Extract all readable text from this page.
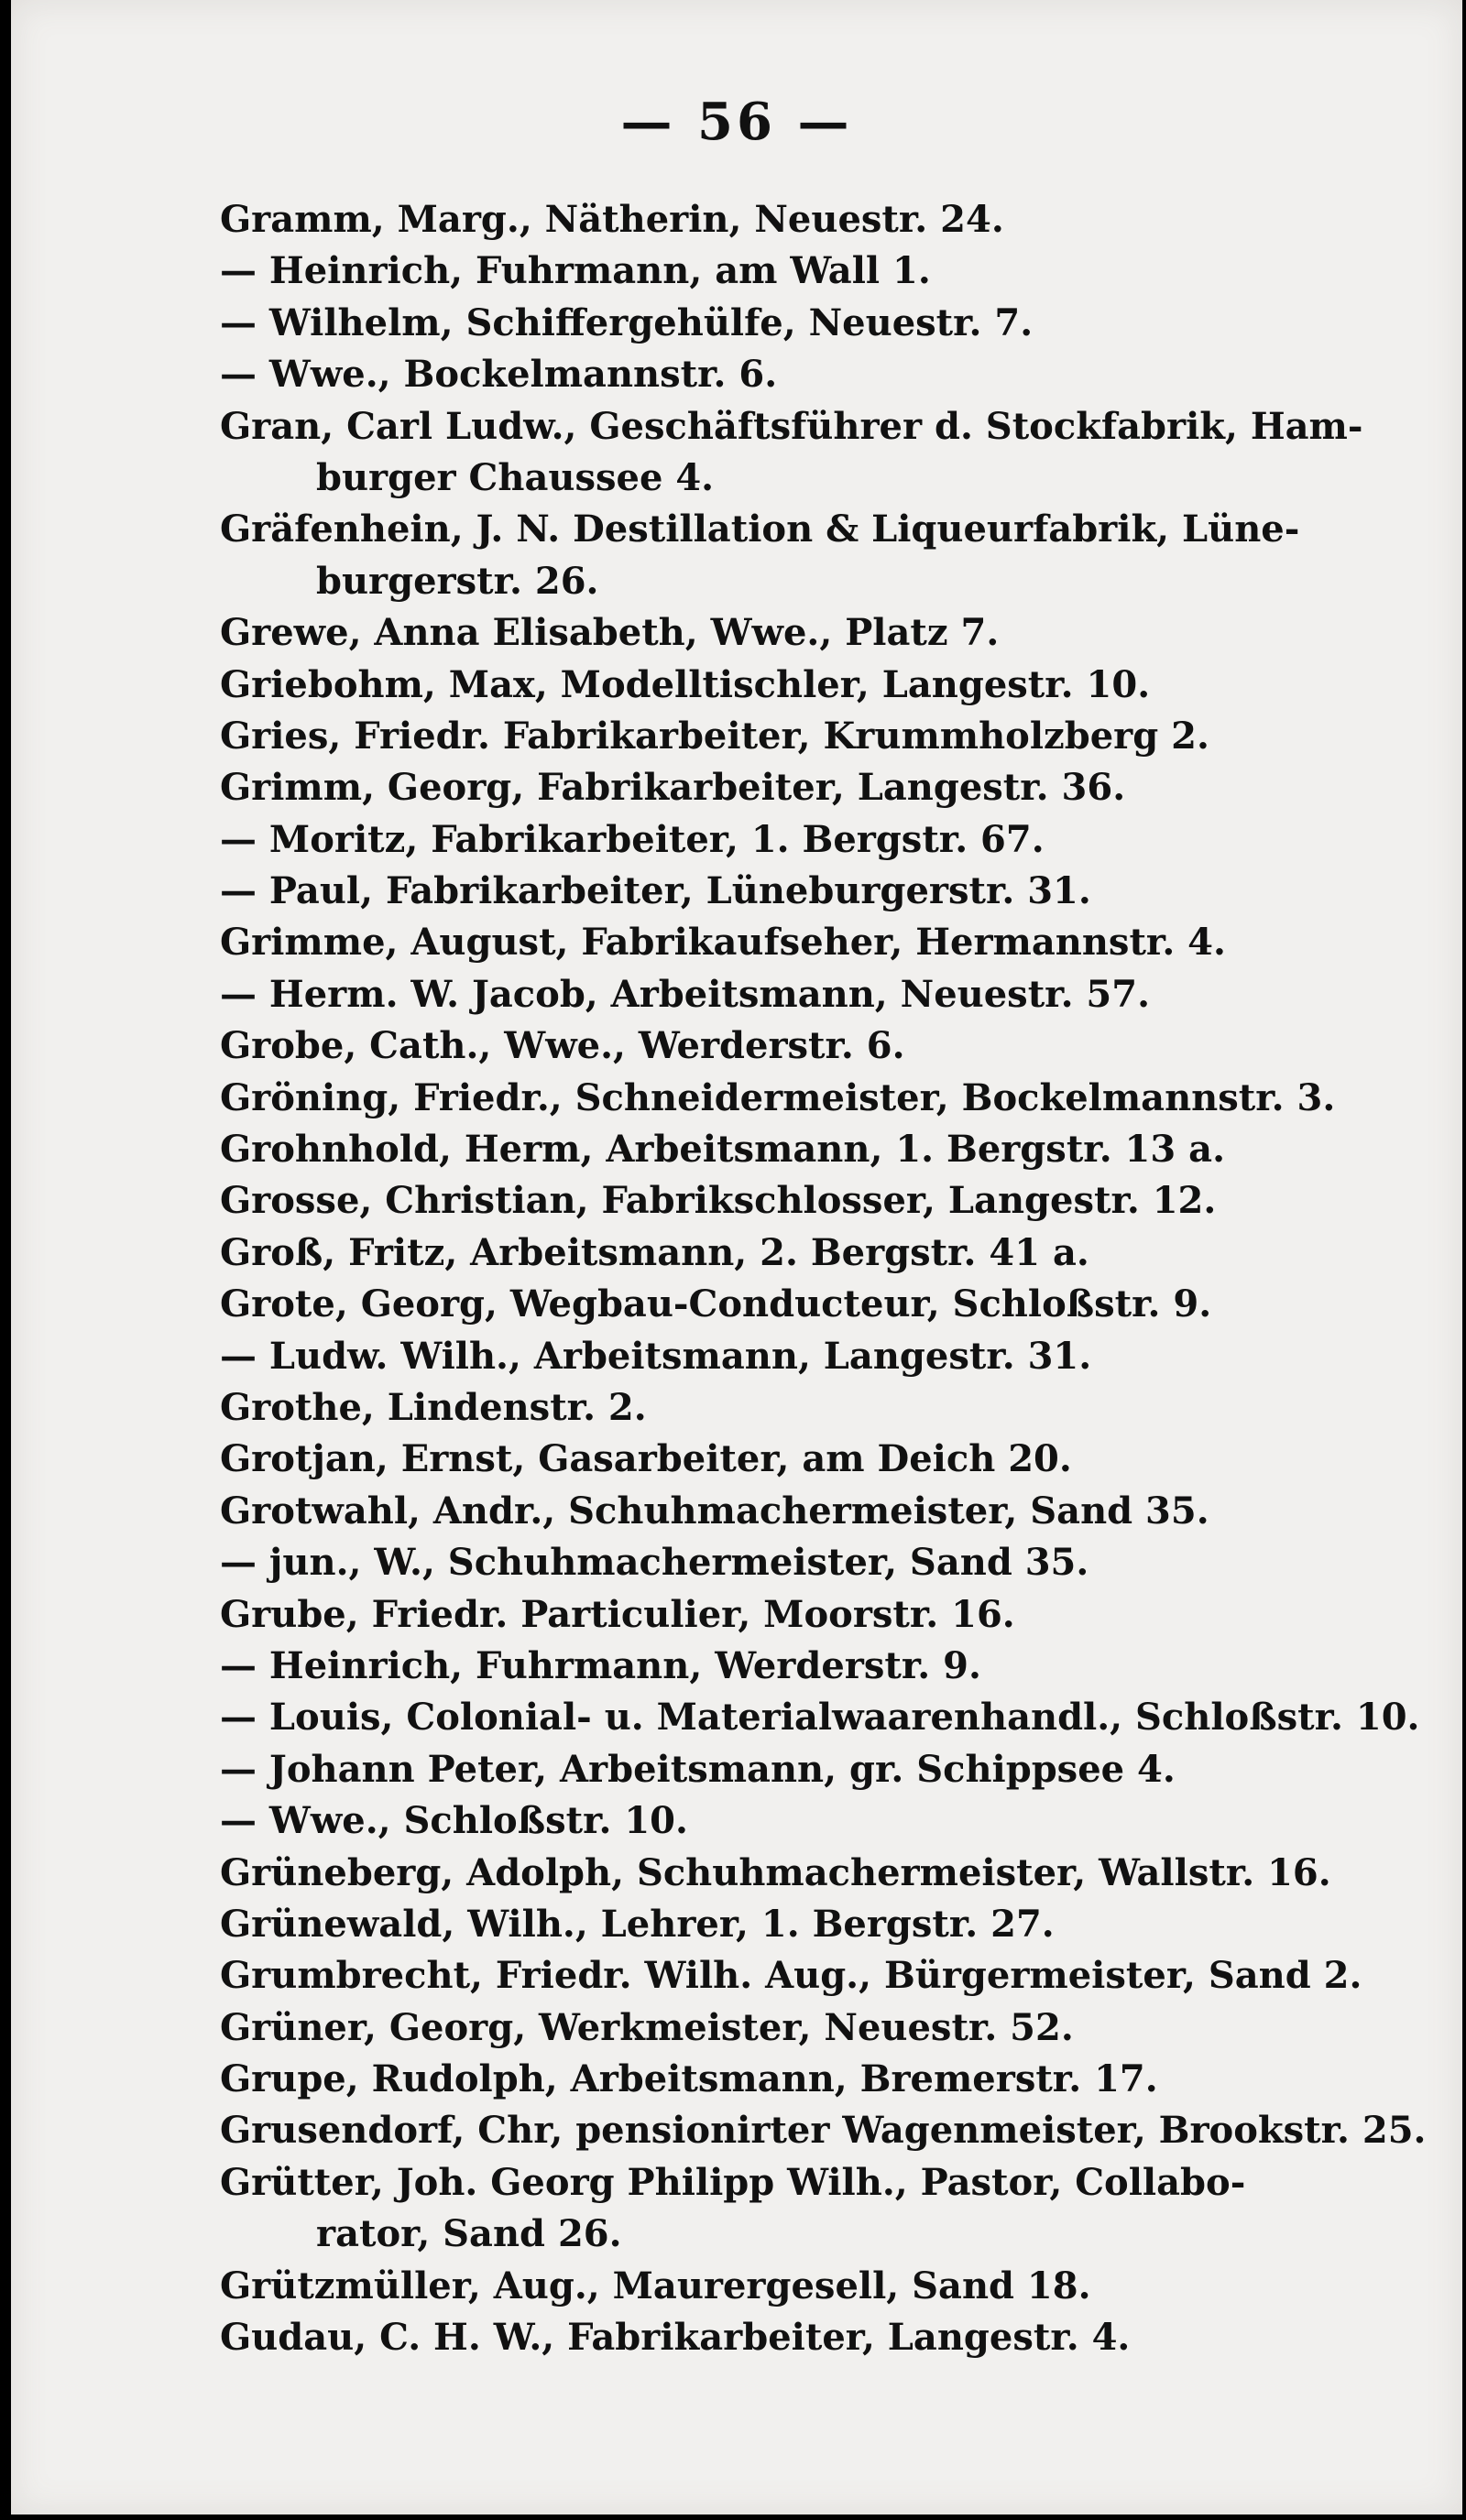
— 56 —
Gramm, Marg., Nätherin, Neuestr. 24.
— Heinrich, Fuhrmann, am Wall 1.
— Wilhelm, Schiffergehülfe, Neuestr. 7.
— Wwe., Bockelmannstr. 6.
Gran, Carl Ludw., Geschäftsführer d. Stockfabrik, Ham-
burger Chaussee 4.
Gräfenhein, J. N. Destillation & Liqueurfabrik, Lüne-
burgerstr. 26.
Grewe, Anna Elisabeth, Wwe., Platz 7.
Griebohm, Max, Modelltischler, Langestr. 10.
Gries, Friedr. Fabrikarbeiter, Krummholzberg 2.
Grimm, Georg, Fabrikarbeiter, Langestr. 36.
— Moritz, Fabrikarbeiter, 1. Bergstr. 67.
— Paul, Fabrikarbeiter, Lüneburgerstr. 31.
Grimme, August, Fabrikaufseher, Hermannstr. 4.
— Herm. W. Jacob, Arbeitsmann, Neuestr. 57.
Grobe, Cath., Wwe., Werderstr. 6.
Gröning, Friedr., Schneidermeister, Bockelmannstr. 3.
Grohnhold, Herm, Arbeitsmann, 1. Bergstr. 13 a.
Grosse, Christian, Fabrikschlosser, Langestr. 12.
Groß, Fritz, Arbeitsmann, 2. Bergstr. 41 a.
Grote, Georg, Wegbau-Conducteur, Schloßstr. 9.
— Ludw. Wilh., Arbeitsmann, Langestr. 31.
Grothe, Lindenstr. 2.
Grotjan, Ernst, Gasarbeiter, am Deich 20.
Grotwahl, Andr., Schuhmachermeister, Sand 35.
— jun., W., Schuhmachermeister, Sand 35.
Grube, Friedr. Particulier, Moorstr. 16.
— Heinrich, Fuhrmann, Werderstr. 9.
— Louis, Colonial- u. Materialwaarenhandl., Schloßstr. 10.
— Johann Peter, Arbeitsmann, gr. Schippsee 4.
— Wwe., Schloßstr. 10.
Grüneberg, Adolph, Schuhmachermeister, Wallstr. 16.
Grünewald, Wilh., Lehrer, 1. Bergstr. 27.
Grumbrecht, Friedr. Wilh. Aug., Bürgermeister, Sand 2.
Grüner, Georg, Werkmeister, Neuestr. 52.
Grupe, Rudolph, Arbeitsmann, Bremerstr. 17.
Grusendorf, Chr, pensionirter Wagenmeister, Brookstr. 25.
Grütter, Joh. Georg Philipp Wilh., Pastor, Collabo-
rator, Sand 26.
Grützmüller, Aug., Maurergesell, Sand 18.
Gudau, C. H. W., Fabrikarbeiter, Langestr. 4.
